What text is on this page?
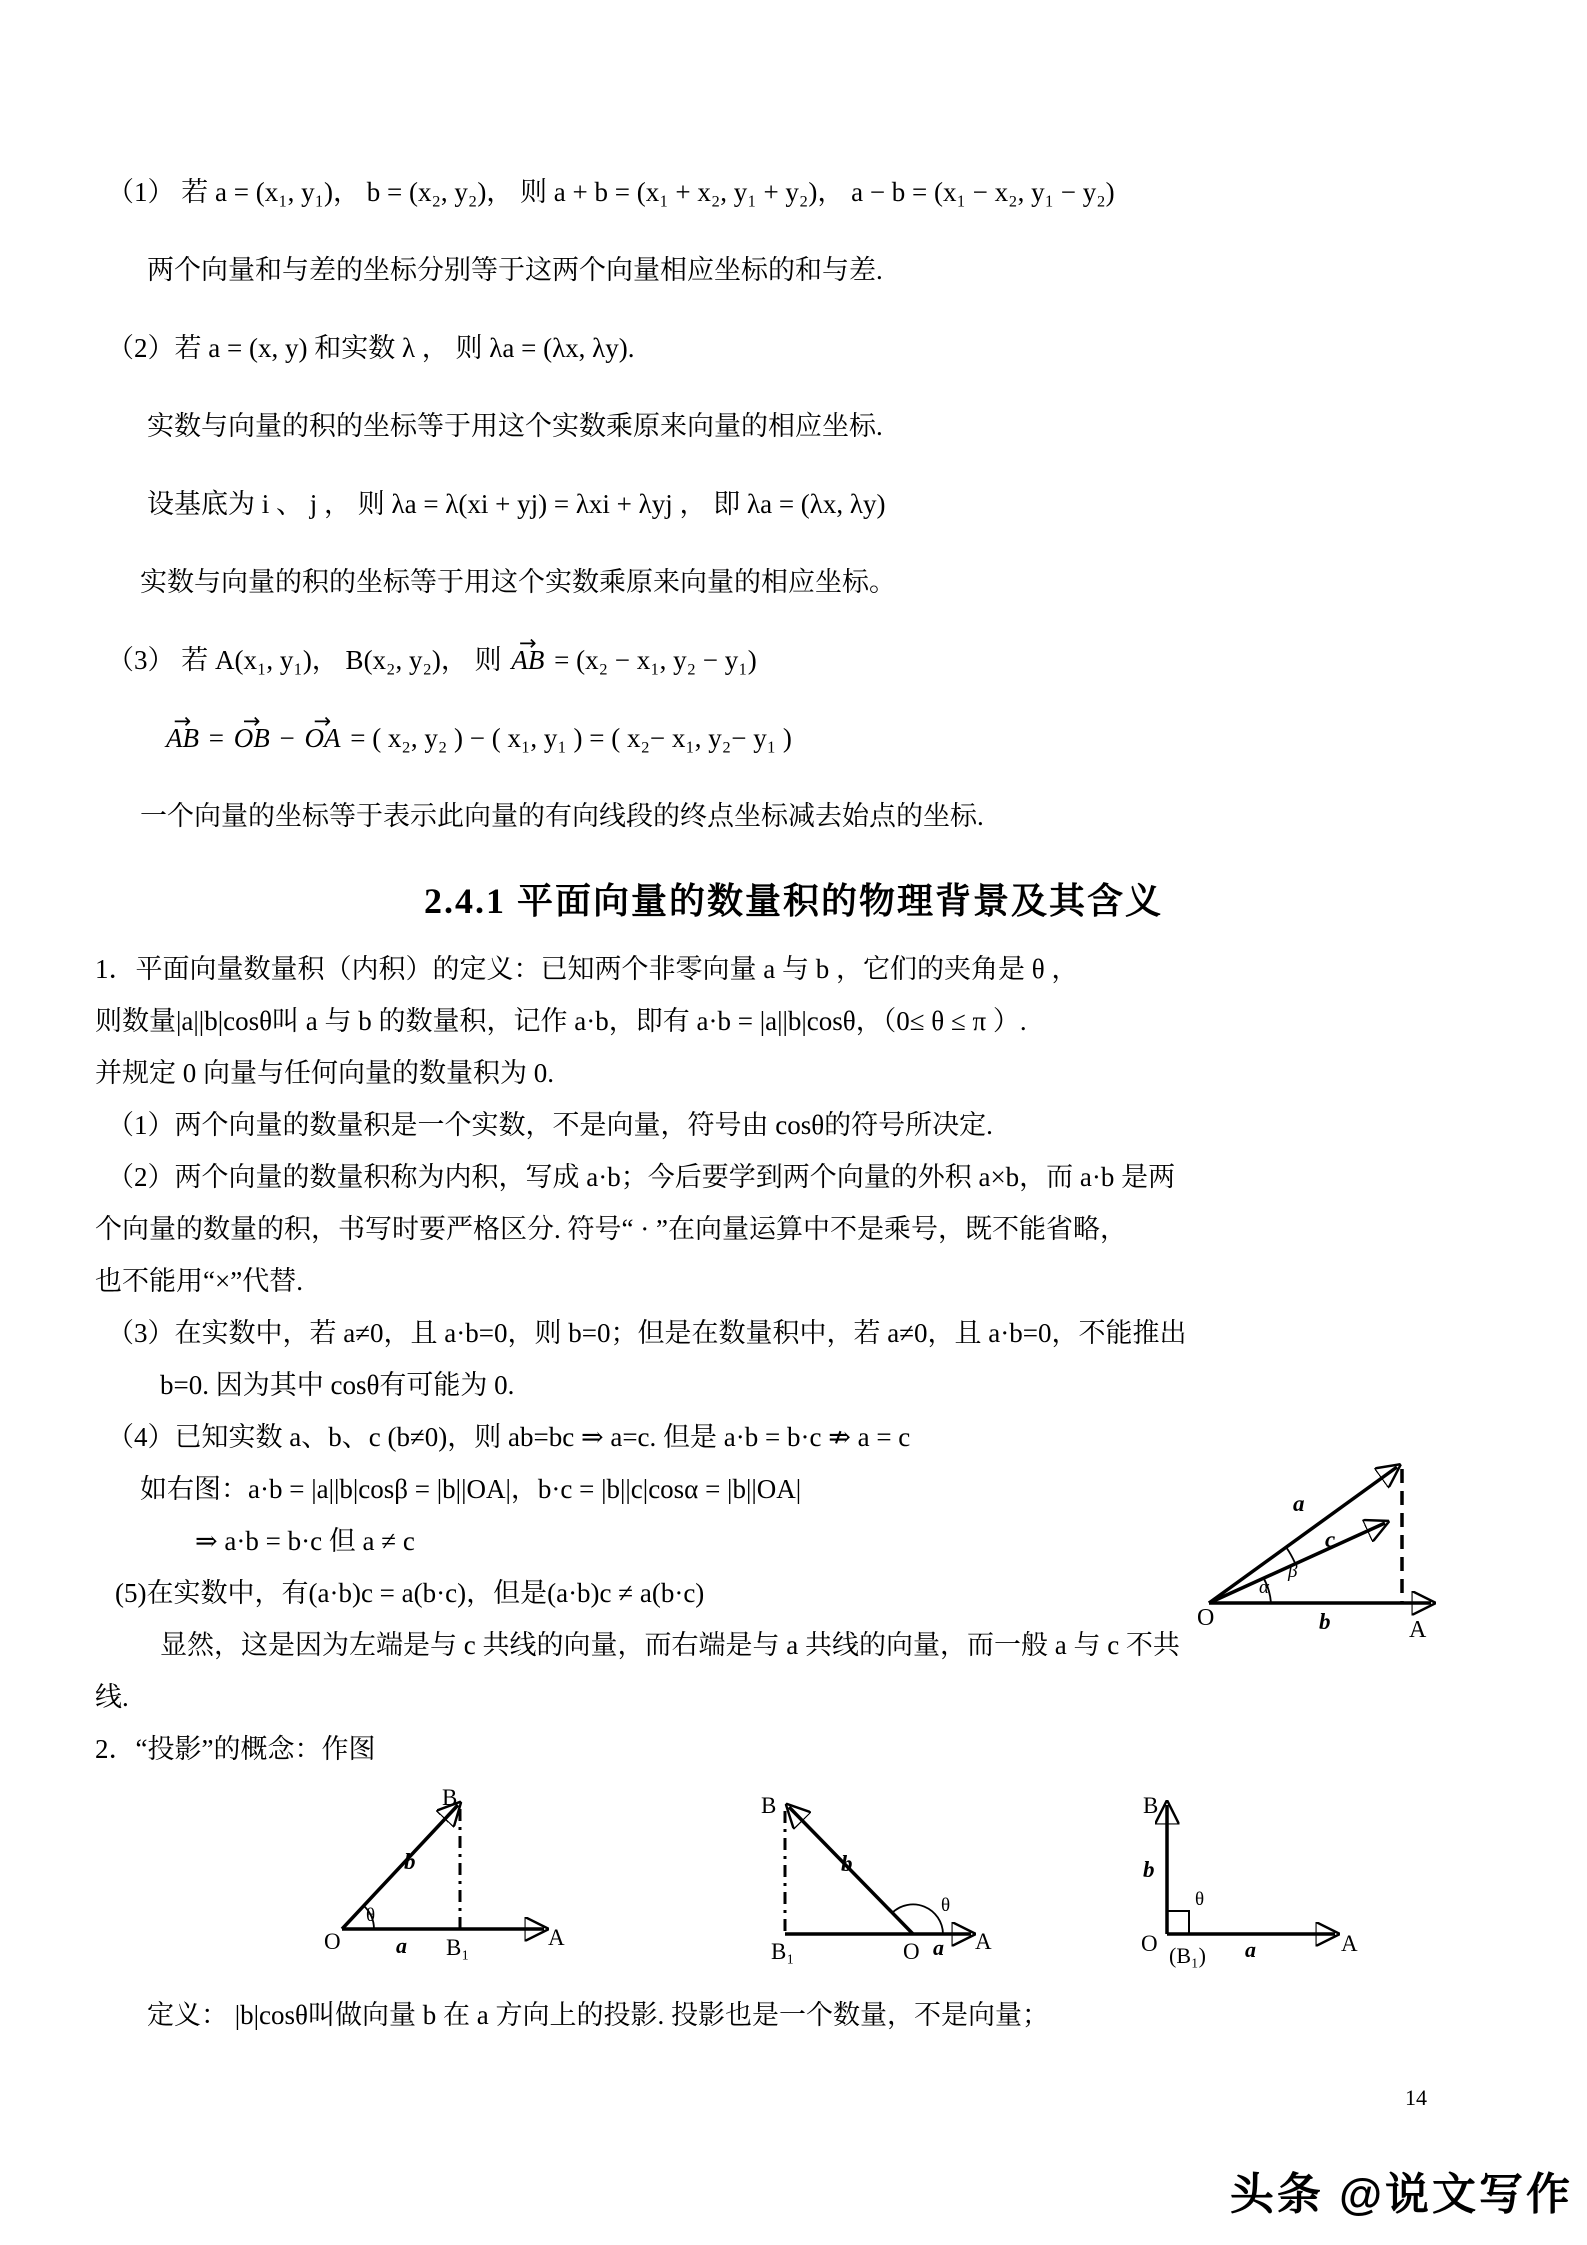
（1） 若 a = (x₁, y₁)， b = (x₂, y₂)， 则 a + b = (x₁ + x₂, y₁ + y₂)， a − b = (x₁ − x₂, y₁ − y₂)

两个向量和与差的坐标分别等于这两个向量相应坐标的和与差.

（2）若 a = (x, y) 和实数 λ ， 则 λa = (λx, λy).

实数与向量的积的坐标等于用这个实数乘原来向量的相应坐标.

设基底为 i 、 j ， 则 λa = λ(xi + yj) = λxi + λyj ， 即 λa = (λx, λy)

实数与向量的积的坐标等于用这个实数乘原来向量的相应坐标。

（3） 若 A(x₁, y₁)， B(x₂, y₂)， 则 → AB = (x₂ − x₁, y₂ − y₁)

→ AB = → OB − → OA = ( x₂, y₂ ) − ( x₁, y₁ ) = ( x₂− x₁, y₂− y₁ )

一个向量的坐标等于表示此向量的有向线段的终点坐标减去始点的坐标.

2.4.1 平面向量的数量积的物理背景及其含义

1．平面向量数量积（内积）的定义：已知两个非零向量 a 与 b ，它们的夹角是 θ ，

则数量|a||b|cosθ叫 a 与 b 的数量积，记作 a·b，即有 a·b = |a||b|cosθ，（0≤ θ ≤ π ）.

并规定 0 向量与任何向量的数量积为 0.

（1）两个向量的数量积是一个实数，不是向量，符号由 cosθ的符号所决定.

（2）两个向量的数量积称为内积，写成 a·b；今后要学到两个向量的外积 a×b，而 a·b 是两

个向量的数量的积，书写时要严格区分. 符号“ · ”在向量运算中不是乘号，既不能省略，

也不能用“×”代替.

（3）在实数中，若 a≠0，且 a·b=0，则 b=0；但是在数量积中，若 a≠0，且 a·b=0，不能推出

b=0. 因为其中 cosθ有可能为 0.

（4）已知实数 a、b、c (b≠0)，则 ab=bc ⇒ a=c. 但是 a·b = b·c ⇏ a = c

如右图：a·b = |a||b|cosβ = |b||OA|，b·c = |b||c|cosα = |b||OA|

⇒ a·b = b·c 但 a ≠ c

(5)在实数中，有(a·b)c = a(b·c)，但是(a·b)c ≠ a(b·c)

显然，这是因为左端是与 c 共线的向量，而右端是与 a 共线的向量，而一般 a 与 c 不共

线.

2．“投影”的概念：作图

B
b
θ
O	a B₁	A
B
b
θ
B₁	O a A
B
b
θ
O (B₁) a	A

定义： |b|cosθ叫做向量 b 在 a 方向上的投影. 投影也是一个数量，不是向量；

a
c
β
α
O	b	A
14
头条 @说文写作
